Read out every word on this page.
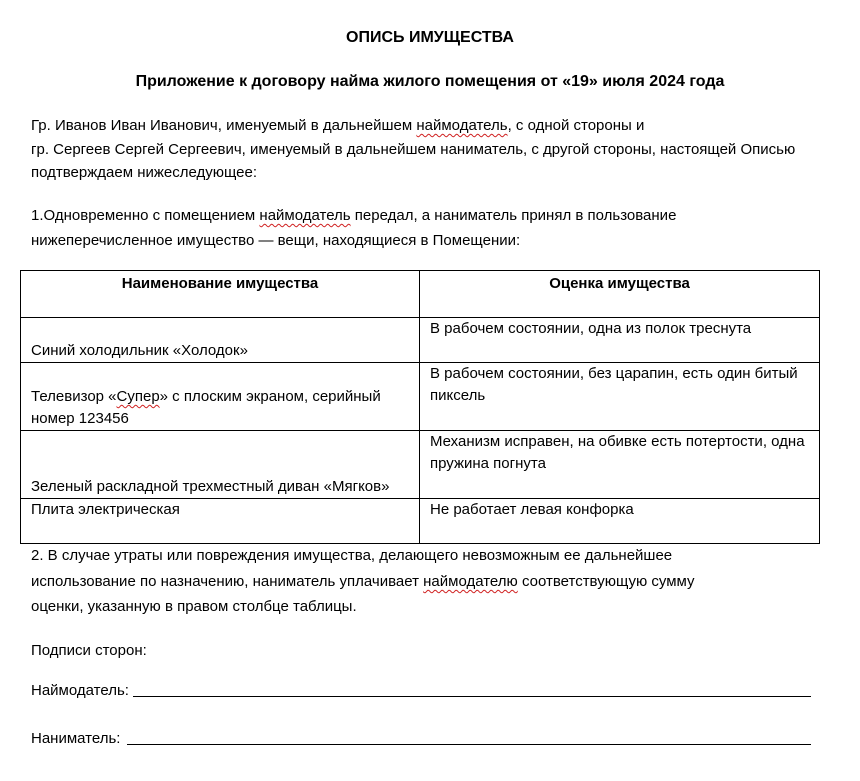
ОПИСЬ ИМУЩЕСТВА
Приложение к договору найма жилого помещения от «19» июля 2024 года
Гр. Иванов Иван Иванович, именуемый в дальнейшем наймодатель, с одной стороны и
гр. Сергеев Сергей Сергеевич, именуемый в дальнейшем наниматель, с другой стороны, настоящей Описью
подтверждаем нижеследующее:
1.Одновременно с помещением наймодатель передал, а наниматель принял в пользование
нижеперечисленное имущество — вещи, находящиеся в Помещении:
Наименование имущества	Оценка имущества
Синий холодильник «Холодок»	В рабочем состоянии, одна из полок треснута
Телевизор «Супер» с плоским экраном, серийный номер 123456	В рабочем состоянии, без царапин, есть один битый пиксель
Зеленый раскладной трехместный диван «Мягков»	Механизм исправен, на обивке есть потертости, одна пружина погнута
Плита электрическая	Не работает левая конфорка
2. В случае утраты или повреждения имущества, делающего невозможным ее дальнейшее
использование по назначению, наниматель уплачивает наймодателю соответствующую сумму
оценки, указанную в правом столбце таблицы.
Подписи сторон:
Наймодатель:
Наниматель:
